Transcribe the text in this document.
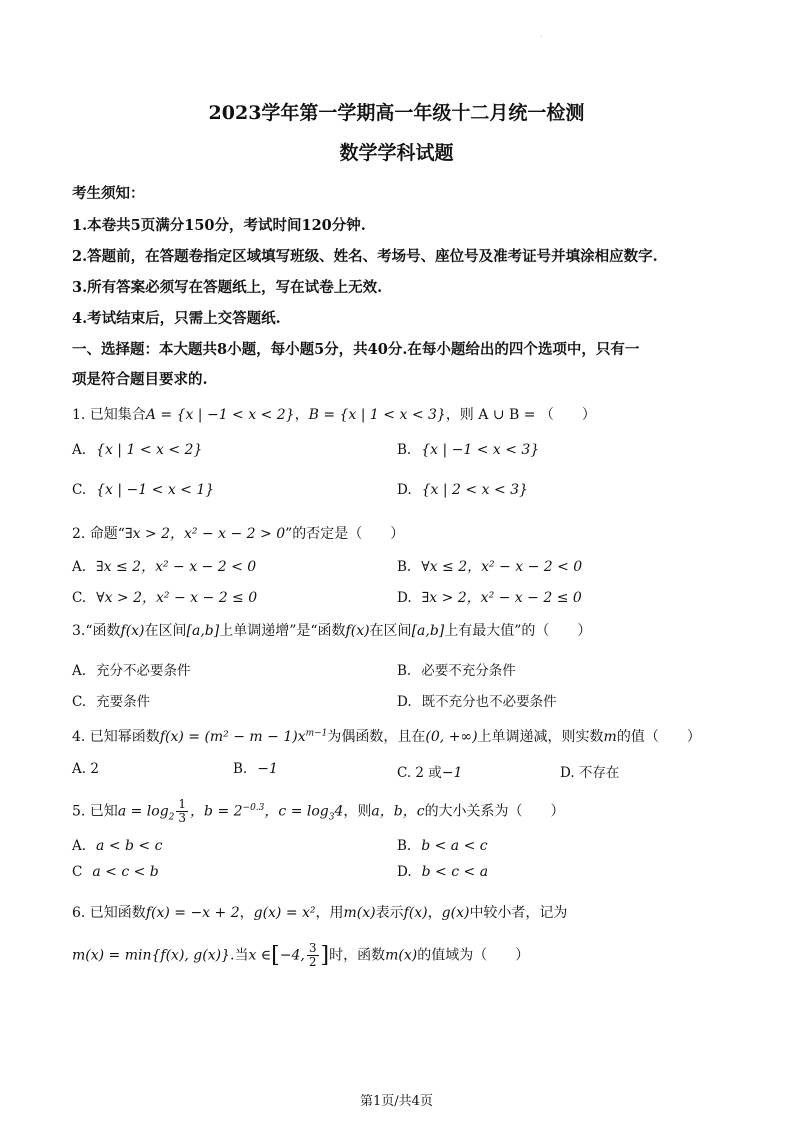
·
2023学年第一学期高一年级十二月统一检测
数学学科试题
考生须知：
1.本卷共5页满分150分，考试时间120分钟.
2.答题前，在答题卷指定区域填写班级、姓名、考场号、座位号及准考证号并填涂相应数字.
3.所有答案必须写在答题纸上，写在试卷上无效.
4.考试结束后，只需上交答题纸.
一、选择题：本大题共8小题，每小题5分，共40分.在每小题给出的四个选项中，只有一
项是符合题目要求的.
1. 已知集合A = {x | −1 < x < 2}，B = {x | 1 < x < 3}，则 A ∪ B = （　　）
A. {x | 1 < x < 2}	B. {x | −1 < x < 3}
C. {x | −1 < x < 1}	D. {x | 2 < x < 3}
2. 命题“∃x > 2，x² − x − 2 > 0”的否定是（　　）
A. ∃x ≤ 2，x² − x − 2 < 0	B. ∀x ≤ 2，x² − x − 2 < 0
C. ∀x > 2，x² − x − 2 ≤ 0	D. ∃x > 2，x² − x − 2 ≤ 0
3.“函数f(x)在区间[a,b]上单调递增”是“函数f(x)在区间[a,b]上有最大值”的（　　）
A. 充分不必要条件	B. 必要不充分条件
C. 充要条件	D. 既不充分也不必要条件
4. 已知幂函数$f(x) = (m^2 - m - 1)x^{m-1}$为偶函数，且在(0, +∞)上单调递减，则实数m的值（　　）
A. 2	B. −1	C. 2 或−1	D. 不存在
5. 已知$a = \log_2 \frac{1}{3}$ ，$b = 2^{-0.3}$，$c = \log_34$，则a，b，c的大小关系为（　　）
A. a < b < c	B. b < a < c
C a < c < b	D. b < c < a
6. 已知函数f(x) = −x + 2，g(x) = x²，用m(x)表示f(x)，g(x)中较小者，记为
m(x) = min{f(x), g(x)}.当x ∈[−4, $\frac{3}{2}$ ]时，函数m(x)的值域为（　　）
第1页/共4页
